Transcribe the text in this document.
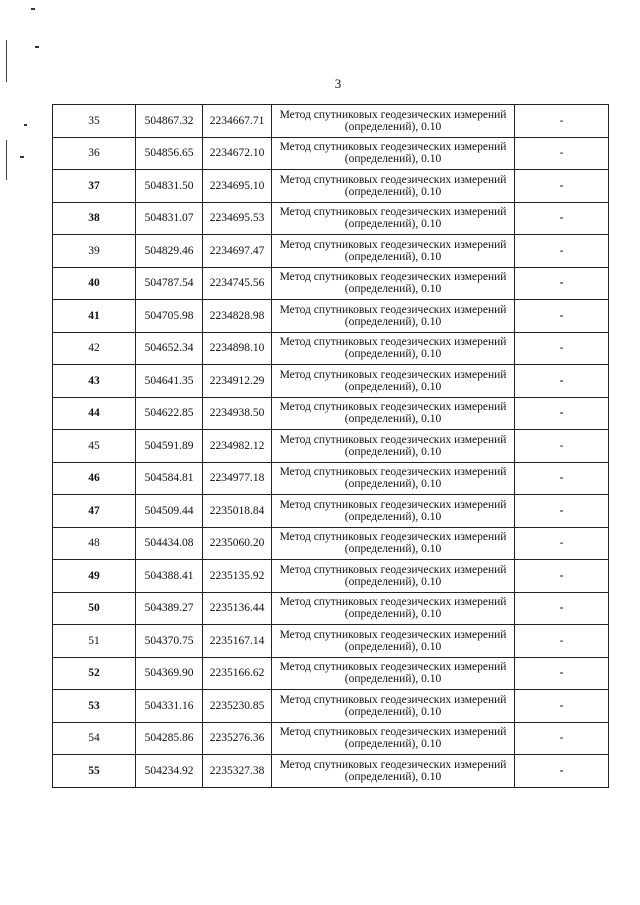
3
35	504867.32	2234667.71	Метод спутниковых геодезических измерений
(определений), 0.10	-
36	504856.65	2234672.10	Метод спутниковых геодезических измерений
(определений), 0.10	-
37	504831.50	2234695.10	Метод спутниковых геодезических измерений
(определений), 0.10	-
38	504831.07	2234695.53	Метод спутниковых геодезических измерений
(определений), 0.10	-
39	504829.46	2234697.47	Метод спутниковых геодезических измерений
(определений), 0.10	-
40	504787.54	2234745.56	Метод спутниковых геодезических измерений
(определений), 0.10	-
41	504705.98	2234828.98	Метод спутниковых геодезических измерений
(определений), 0.10	-
42	504652.34	2234898.10	Метод спутниковых геодезических измерений
(определений), 0.10	-
43	504641.35	2234912.29	Метод спутниковых геодезических измерений
(определений), 0.10	-
44	504622.85	2234938.50	Метод спутниковых геодезических измерений
(определений), 0.10	-
45	504591.89	2234982.12	Метод спутниковых геодезических измерений
(определений), 0.10	-
46	504584.81	2234977.18	Метод спутниковых геодезических измерений
(определений), 0.10	-
47	504509.44	2235018.84	Метод спутниковых геодезических измерений
(определений), 0.10	-
48	504434.08	2235060.20	Метод спутниковых геодезических измерений
(определений), 0.10	-
49	504388.41	2235135.92	Метод спутниковых геодезических измерений
(определений), 0.10	-
50	504389.27	2235136.44	Метод спутниковых геодезических измерений
(определений), 0.10	-
51	504370.75	2235167.14	Метод спутниковых геодезических измерений
(определений), 0.10	-
52	504369.90	2235166.62	Метод спутниковых геодезических измерений
(определений), 0.10	-
53	504331.16	2235230.85	Метод спутниковых геодезических измерений
(определений), 0.10	-
54	504285.86	2235276.36	Метод спутниковых геодезических измерений
(определений), 0.10	-
55	504234.92	2235327.38	Метод спутниковых геодезических измерений
(определений), 0.10	-
